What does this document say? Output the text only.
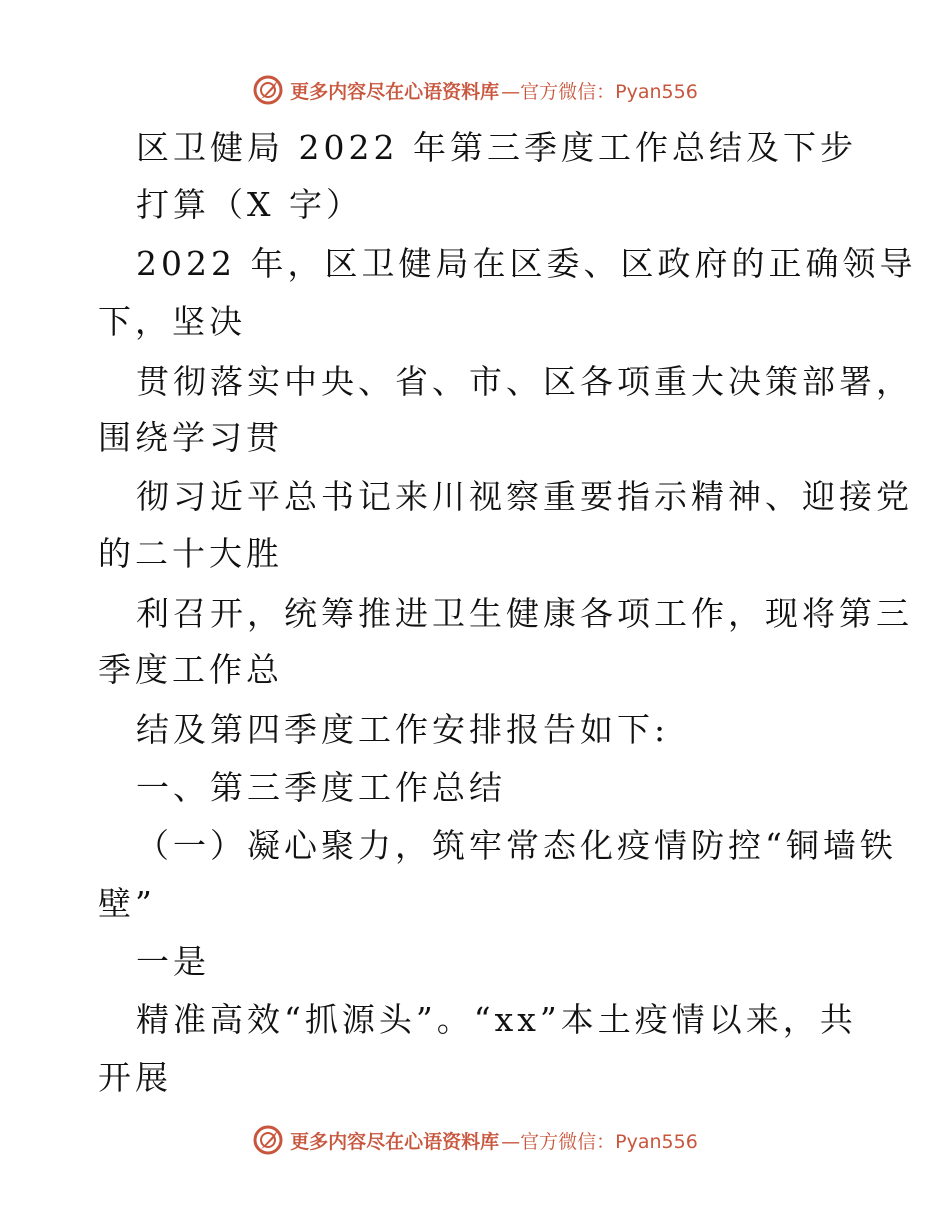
更多内容尽在心语资料库 —官方微信：Pyan556
区卫健局 2022 年第三季度工作总结及下步
打算（X 字）
2022 年，区卫健局在区委、区政府的正确领导
下，坚决
贯彻落实中央、省、市、区各项重大决策部署，
围绕学习贯
彻习近平总书记来川视察重要指示精神、迎接党
的二十大胜
利召开，统筹推进卫生健康各项工作，现将第三
季度工作总
结及第四季度工作安排报告如下:
一、第三季度工作总结
（一）凝心聚力，筑牢常态化疫情防控“铜墙铁
壁”
一是
精准高效“抓源头”。“xx”本土疫情以来，共
开展
更多内容尽在心语资料库 —官方微信：Pyan556
